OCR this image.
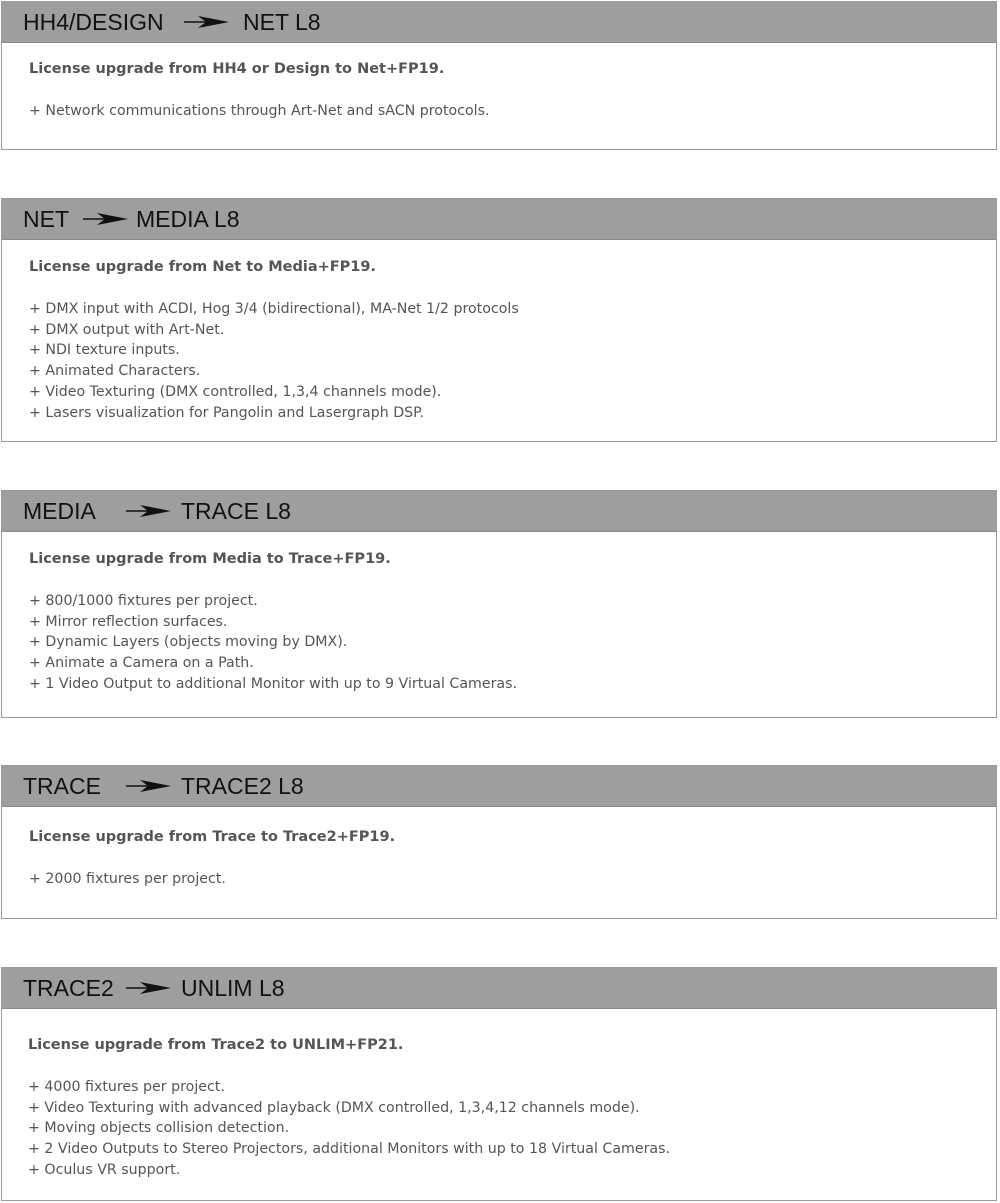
HH4/DESIGN	NET L8
License upgrade from HH4 or Design to Net+FP19.
+ Network communications through Art-Net and sACN protocols.
NET	MEDIA L8
License upgrade from Net to Media+FP19.
+ DMX input with ACDI, Hog 3/4 (bidirectional), MA-Net 1/2 protocols
+ DMX output with Art-Net.
+ NDI texture inputs.
+ Animated Characters.
+ Video Texturing (DMX controlled, 1,3,4 channels mode).
+ Lasers visualization for Pangolin and Lasergraph DSP.
MEDIA	TRACE L8
License upgrade from Media to Trace+FP19.
+ 800/1000 fixtures per project.
+ Mirror reflection surfaces.
+ Dynamic Layers (objects moving by DMX).
+ Animate a Camera on a Path.
+ 1 Video Output to additional Monitor with up to 9 Virtual Cameras.
TRACE	TRACE2 L8
License upgrade from Trace to Trace2+FP19.
+ 2000 fixtures per project.
TRACE2	UNLIM L8
License upgrade from Trace2 to UNLIM+FP21.
+ 4000 fixtures per project.
+ Video Texturing with advanced playback (DMX controlled, 1,3,4,12 channels mode).
+ Moving objects collision detection.
+ 2 Video Outputs to Stereo Projectors, additional Monitors with up to 18 Virtual Cameras.
+ Oculus VR support.
